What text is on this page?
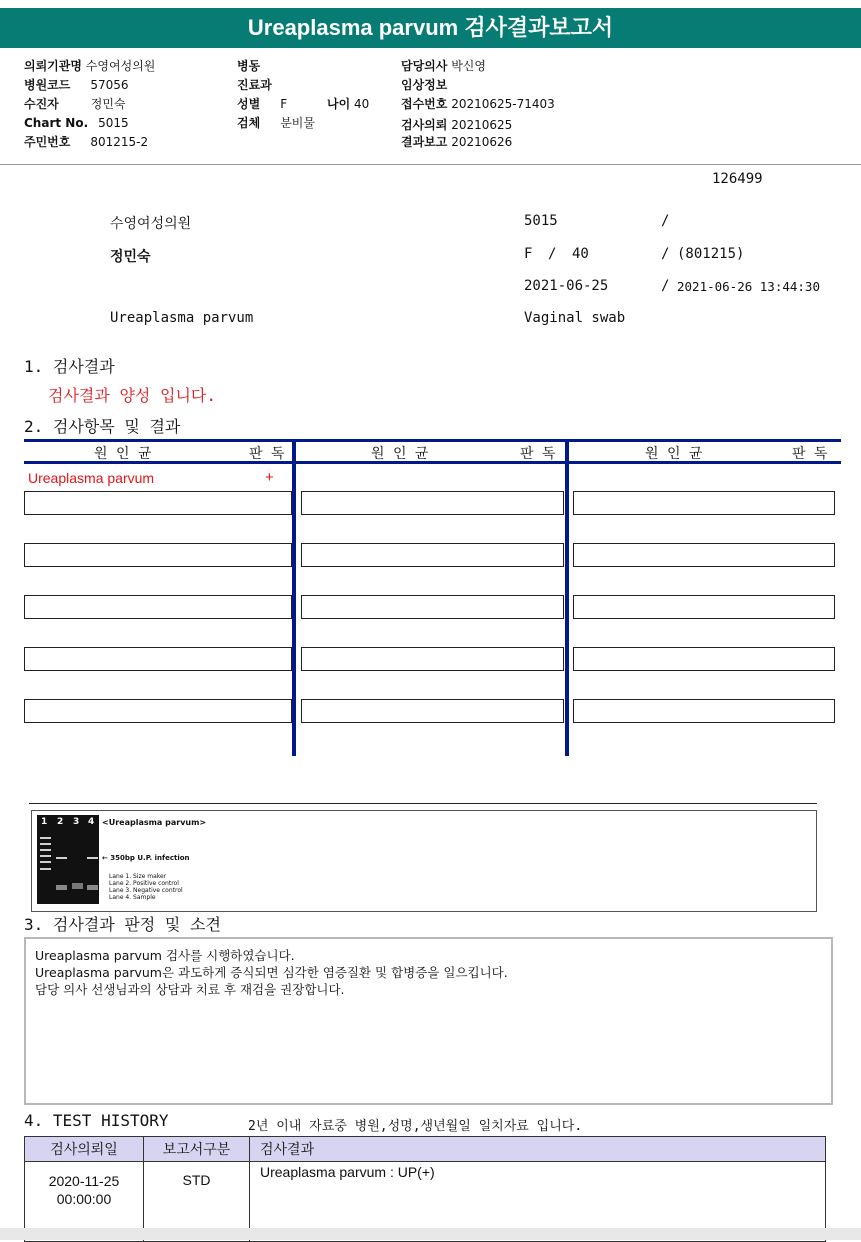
Ureaplasma parvum 검사결과보고서
의뢰기관명 수영여성의원
병원코드 57056
수진자	정민숙
Chart No. 5015
주민번호 801215-2
병동
진료과
성별 F	나이 40
검체 분비물
담당의사 박신영
임상정보
접수번호 20210625-71403
검사의뢰 20210625
결과보고 20210626
126499
수영여성의원	5015	/
정민숙	F / 40	/ (801215)
2021-06-25	/ 2021-06-26 13:44:30
Ureaplasma parvum	Vaginal swab
1. 검사결과
검사결과 양성 입니다.
2. 검사항목 및 결과
원 인 균	판 독	원 인 균	판 독	원 인 균	판 독
Ureaplasma parvum	+
1 2 3 4 <Ureaplasma parvum>
← 350bp U.P. infection
Lane 1. Size maker
Lane 2. Positive control
Lane 3. Negative control
Lane 4. Sample
3. 검사결과 판정 및 소견
Ureaplasma parvum 검사를 시행하였습니다.
Ureaplasma parvum은 과도하게 증식되면 심각한 염증질환 및 합병증을 일으킵니다.
담당 의사 선생님과의 상담과 치료 후 재검을 권장합니다.
4. TEST HISTORY	2년 이내 자료중 병원,성명,생년월일 일치자료 입니다.
검사의뢰일	보고서구분	검사결과

2020-11-25
00:00:00	STD	Ureaplasma parvum : UP(+)
